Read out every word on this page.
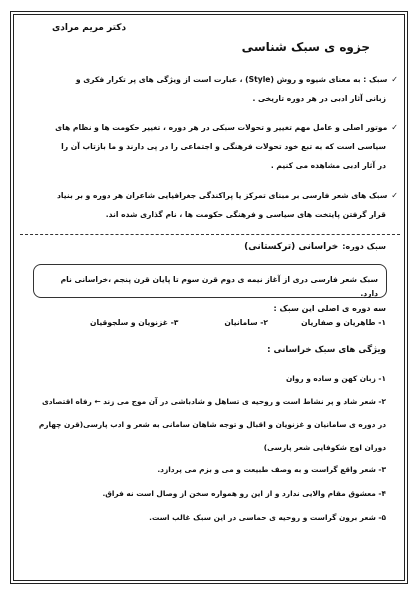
دکتر مریم مرادی
جزوه ی سبک شناسی
✓سبک : به معنای شیوه و روش (Style) ، عبارت است از ویژگی های پر تکرار فکری و
زبانی آثار ادبی در هر دوره تاریخی .
✓موتور اصلی و عامل مهم تغییر و تحولات سبکی در هر دوره ، تغییر حکومت ها و نظام های
سیاسی است که به تبع خود تحولات فرهنگی و اجتماعی را در پی دارند و ما بازتاب آن را
در آثار ادبی مشاهده می کنیم .
✓سبک های شعر فارسی بر مبنای تمرکز یا پراکندگی جغرافیایی شاعران هر دوره و بر بنیاد
قرار گرفتن پایتخت های سیاسی و فرهنگی حکومت ها ، نام گذاری شده اند.
سبک دوره:خراسانی (ترکستانی)
سبک شعر فارسی دری از آغاز نیمه ی دوم قرن سوم تا پایان قرن پنجم ،خراسانی نام دارد.
سه دوره ی اصلی این سبک :
۱- طاهریان و صفاریان
۲- سامانیان
۳- غزنویان و سلجوقیان
ویژگی های سبک خراسانی :
۱- زبان کهن و ساده و روان
۲- شعر شاد و پر نشاط است و روحیه ی تساهل و شادباشی در آن موج می زند ← رفاه اقتصادی
در دوره ی سامانیان و غزنویان و اقبال و توجه شاهان سامانی به شعر و ادب پارسی(قرن چهارم
دوران اوج شکوفایی شعر پارسی)
۳- شعر واقع گراست و به وصف طبیعت و می و بزم می پردازد.
۴- معشوق مقام والایی ندارد و از این رو همواره سخن از وصال است نه فراق.
۵- شعر برون گراست و روحیه ی حماسی در این سبک غالب است.
